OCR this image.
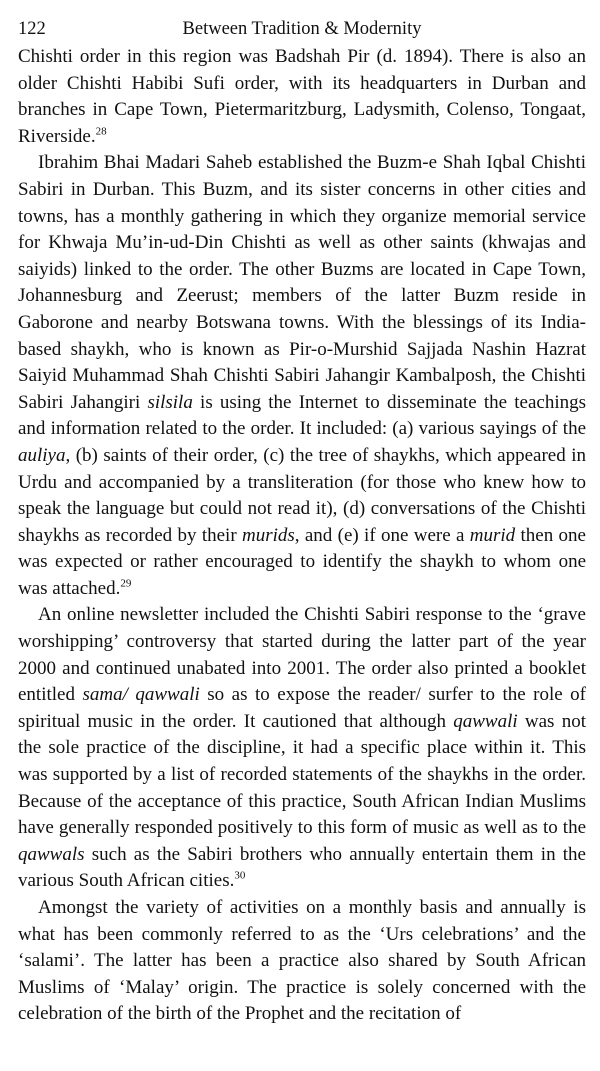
122	Between Tradition & Modernity

Chishti order in this region was Badshah Pir (d. 1894). There is also an older Chishti Habibi Sufi order, with its headquarters in Durban and branches in Cape Town, Pietermaritzburg, Ladysmith, Colenso, Tongaat, Riverside.$^{28}$

Ibrahim Bhai Madari Saheb established the Buzm-e Shah Iqbal Chishti Sabiri in Durban. This Buzm, and its sister concerns in other cities and towns, has a monthly gathering in which they organize memorial service for Khwaja Mu’in-ud-Din Chishti as well as other saints (khwajas and saiyids) linked to the order. The other Buzms are located in Cape Town, Johannesburg and Zeerust; members of the latter Buzm reside in Gaborone and nearby Botswana towns. With the blessings of its India-based shaykh, who is known as Pir-o-Murshid Sajjada Nashin Hazrat Saiyid Muhammad Shah Chishti Sabiri Jahangir Kambalposh, the Chishti Sabiri Jahangiri silsila is using the Internet to disseminate the teachings and information related to the order. It included: (a) various sayings of the auliya, (b) saints of their order, (c) the tree of shaykhs, which appeared in Urdu and accompanied by a transliteration (for those who knew how to speak the language but could not read it), (d) conversations of the Chishti shaykhs as recorded by their murids, and (e) if one were a murid then one was expected or rather encouraged to identify the shaykh to whom one was attached.$^{29}$

An online newsletter included the Chishti Sabiri response to the ‘grave worshipping’ controversy that started during the latter part of the year 2000 and continued unabated into 2001. The order also printed a booklet entitled sama/ qawwali so as to expose the reader/ surfer to the role of spiritual music in the order. It cautioned that although qawwali was not the sole practice of the discipline, it had a specific place within it. This was supported by a list of recorded statements of the shaykhs in the order. Because of the acceptance of this practice, South African Indian Muslims have generally responded positively to this form of music as well as to the qawwals such as the Sabiri brothers who annually entertain them in the various South African cities.$^{30}$

Amongst the variety of activities on a monthly basis and annually is what has been commonly referred to as the ‘Urs celebrations’ and the ‘salami’. The latter has been a practice also shared by South African Muslims of ‘Malay’ origin. The practice is solely concerned with the celebration of the birth of the Prophet and the recitation of
